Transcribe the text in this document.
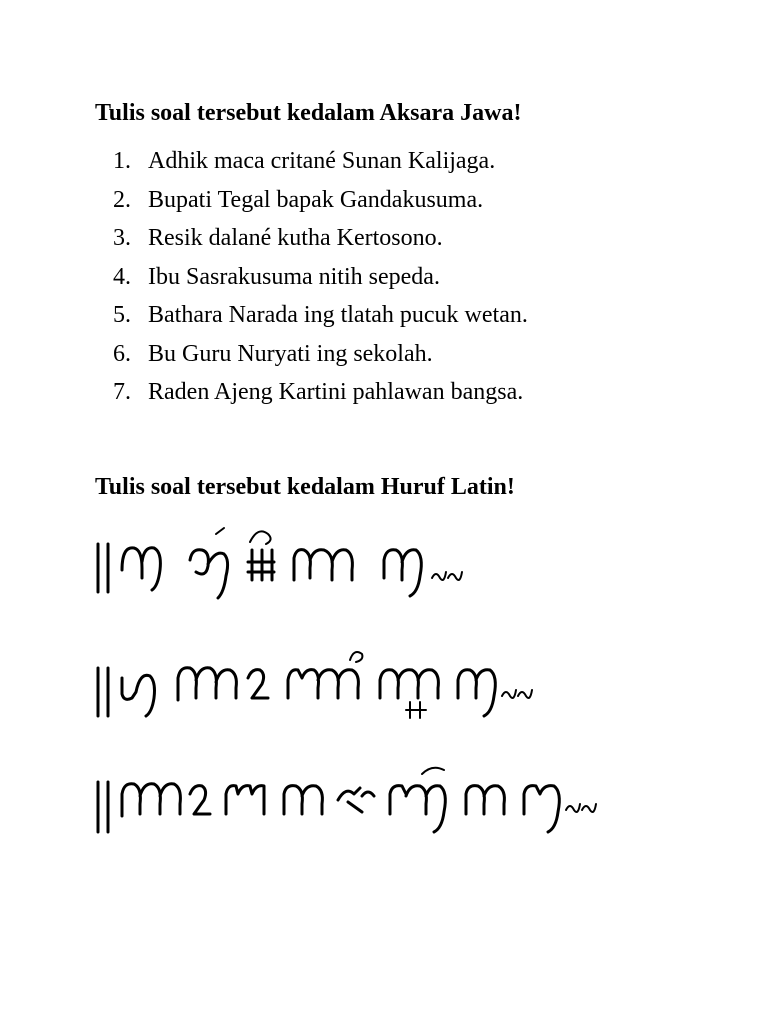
Tulis soal tersebut kedalam Aksara Jawa!
1. Adhik maca critané Sunan Kalijaga.
2. Bupati Tegal bapak Gandakusuma.
3. Resik dalané kutha Kertosono.
4. Ibu Sasrakusuma nitih sepeda.
5. Bathara Narada ing tlatah pucuk wetan.
6. Bu Guru Nuryati ing sekolah.
7. Raden Ajeng Kartini pahlawan bangsa.
Tulis soal tersebut kedalam Huruf Latin!
